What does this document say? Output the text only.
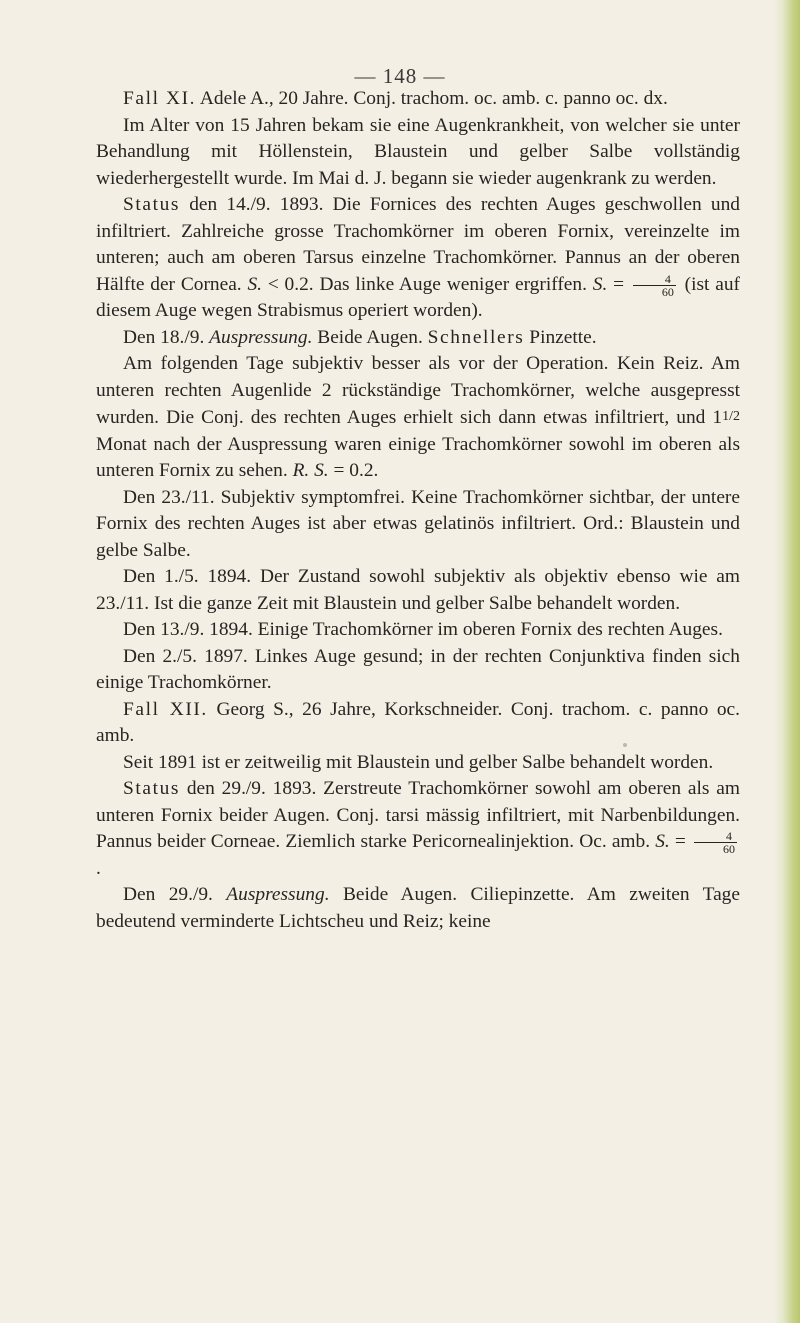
— 148 —

Fall XI. Adele A., 20 Jahre. Conj. trachom. oc. amb. c. panno oc. dx.

Im Alter von 15 Jahren bekam sie eine Augenkrankheit, von welcher sie unter Behandlung mit Höllenstein, Blaustein und gelber Salbe vollständig wiederhergestellt wurde. Im Mai d. J. begann sie wieder augenkrank zu werden.

Status den 14./9. 1893. Die Fornices des rechten Auges geschwollen und infiltriert. Zahlreiche grosse Trachomkörner im oberen Fornix, vereinzelte im unteren; auch am oberen Tarsus einzelne Trachomkörner. Pannus an der oberen Hälfte der Cornea. S. < 0.2. Das linke Auge weniger ergriffen. S. = $\frac{4}{60} (ist$ auf diesem Auge wegen Strabismus operiert worden).

Den 18./9. Auspressung. Beide Augen. Schnellers Pinzette.

Am folgenden Tage subjektiv besser als vor der Operation. Kein Reiz. Am unteren rechten Augenlide 2 rückständige Trachomkörner, welche ausgepresst wurden. Die Conj. des rechten Auges erhielt sich dann etwas infiltriert, und 11/2 Monat nach der Auspressung waren einige Trachomkörner sowohl im oberen als unteren Fornix zu sehen. R. S. = 0.2.

Den 23./11. Subjektiv symptomfrei. Keine Trachomkörner sichtbar, der untere Fornix des rechten Auges ist aber etwas gelatinös infiltriert. Ord.: Blaustein und gelbe Salbe.

Den 1./5. 1894. Der Zustand sowohl subjektiv als objektiv ebenso wie am 23./11. Ist die ganze Zeit mit Blaustein und gelber Salbe behandelt worden.

Den 13./9. 1894. Einige Trachomkörner im oberen Fornix des rechten Auges.

Den 2./5. 1897. Linkes Auge gesund; in der rechten Conjunktiva finden sich einige Trachomkörner.

Fall XII. Georg S., 26 Jahre, Korkschneider. Conj. trachom. c. panno oc. amb.

Seit 1891 ist er zeitweilig mit Blaustein und gelber Salbe behandelt worden.

Status den 29./9. 1893. Zerstreute Trachomkörner sowohl am oberen als am unteren Fornix beider Augen. Conj. tarsi mässig infiltriert, mit Narbenbildungen. Pannus beider Corneae. Ziemlich starke Pericornealinjektion. Oc. amb. S. = $\frac{4}{60}$
.

Den 29./9. Auspressung. Beide Augen. Ciliepinzette. Am zweiten Tage bedeutend verminderte Lichtscheu und Reiz; keine
